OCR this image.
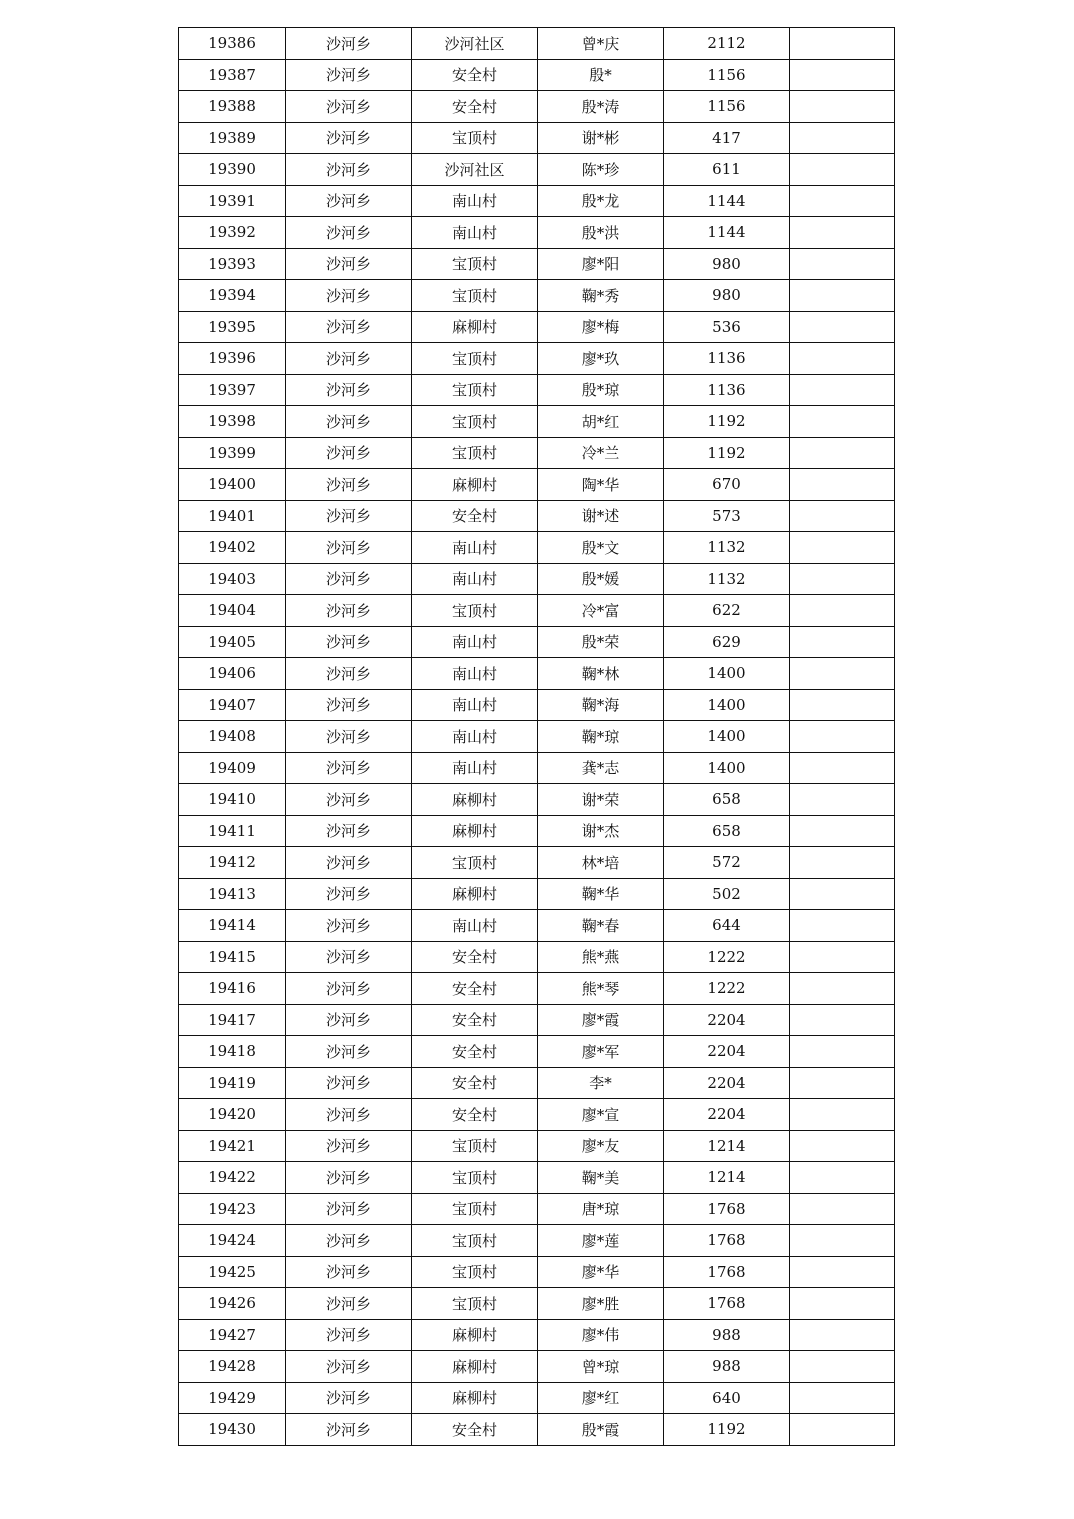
19386	沙河乡	沙河社区	曾*庆	2112	
19387	沙河乡	安全村	殷*	1156	
19388	沙河乡	安全村	殷*涛	1156	
19389	沙河乡	宝顶村	谢*彬	417	
19390	沙河乡	沙河社区	陈*珍	611	
19391	沙河乡	南山村	殷*龙	1144	
19392	沙河乡	南山村	殷*洪	1144	
19393	沙河乡	宝顶村	廖*阳	980	
19394	沙河乡	宝顶村	鞠*秀	980	
19395	沙河乡	麻柳村	廖*梅	536	
19396	沙河乡	宝顶村	廖*玖	1136	
19397	沙河乡	宝顶村	殷*琼	1136	
19398	沙河乡	宝顶村	胡*红	1192	
19399	沙河乡	宝顶村	冷*兰	1192	
19400	沙河乡	麻柳村	陶*华	670	
19401	沙河乡	安全村	谢*述	573	
19402	沙河乡	南山村	殷*文	1132	
19403	沙河乡	南山村	殷*媛	1132	
19404	沙河乡	宝顶村	冷*富	622	
19405	沙河乡	南山村	殷*荣	629	
19406	沙河乡	南山村	鞠*林	1400	
19407	沙河乡	南山村	鞠*海	1400	
19408	沙河乡	南山村	鞠*琼	1400	
19409	沙河乡	南山村	龚*志	1400	
19410	沙河乡	麻柳村	谢*荣	658	
19411	沙河乡	麻柳村	谢*杰	658	
19412	沙河乡	宝顶村	林*培	572	
19413	沙河乡	麻柳村	鞠*华	502	
19414	沙河乡	南山村	鞠*春	644	
19415	沙河乡	安全村	熊*燕	1222	
19416	沙河乡	安全村	熊*琴	1222	
19417	沙河乡	安全村	廖*霞	2204	
19418	沙河乡	安全村	廖*军	2204	
19419	沙河乡	安全村	李*	2204	
19420	沙河乡	安全村	廖*宣	2204	
19421	沙河乡	宝顶村	廖*友	1214	
19422	沙河乡	宝顶村	鞠*美	1214	
19423	沙河乡	宝顶村	唐*琼	1768	
19424	沙河乡	宝顶村	廖*莲	1768	
19425	沙河乡	宝顶村	廖*华	1768	
19426	沙河乡	宝顶村	廖*胜	1768	
19427	沙河乡	麻柳村	廖*伟	988	
19428	沙河乡	麻柳村	曾*琼	988	
19429	沙河乡	麻柳村	廖*红	640	
19430	沙河乡	安全村	殷*霞	1192	
